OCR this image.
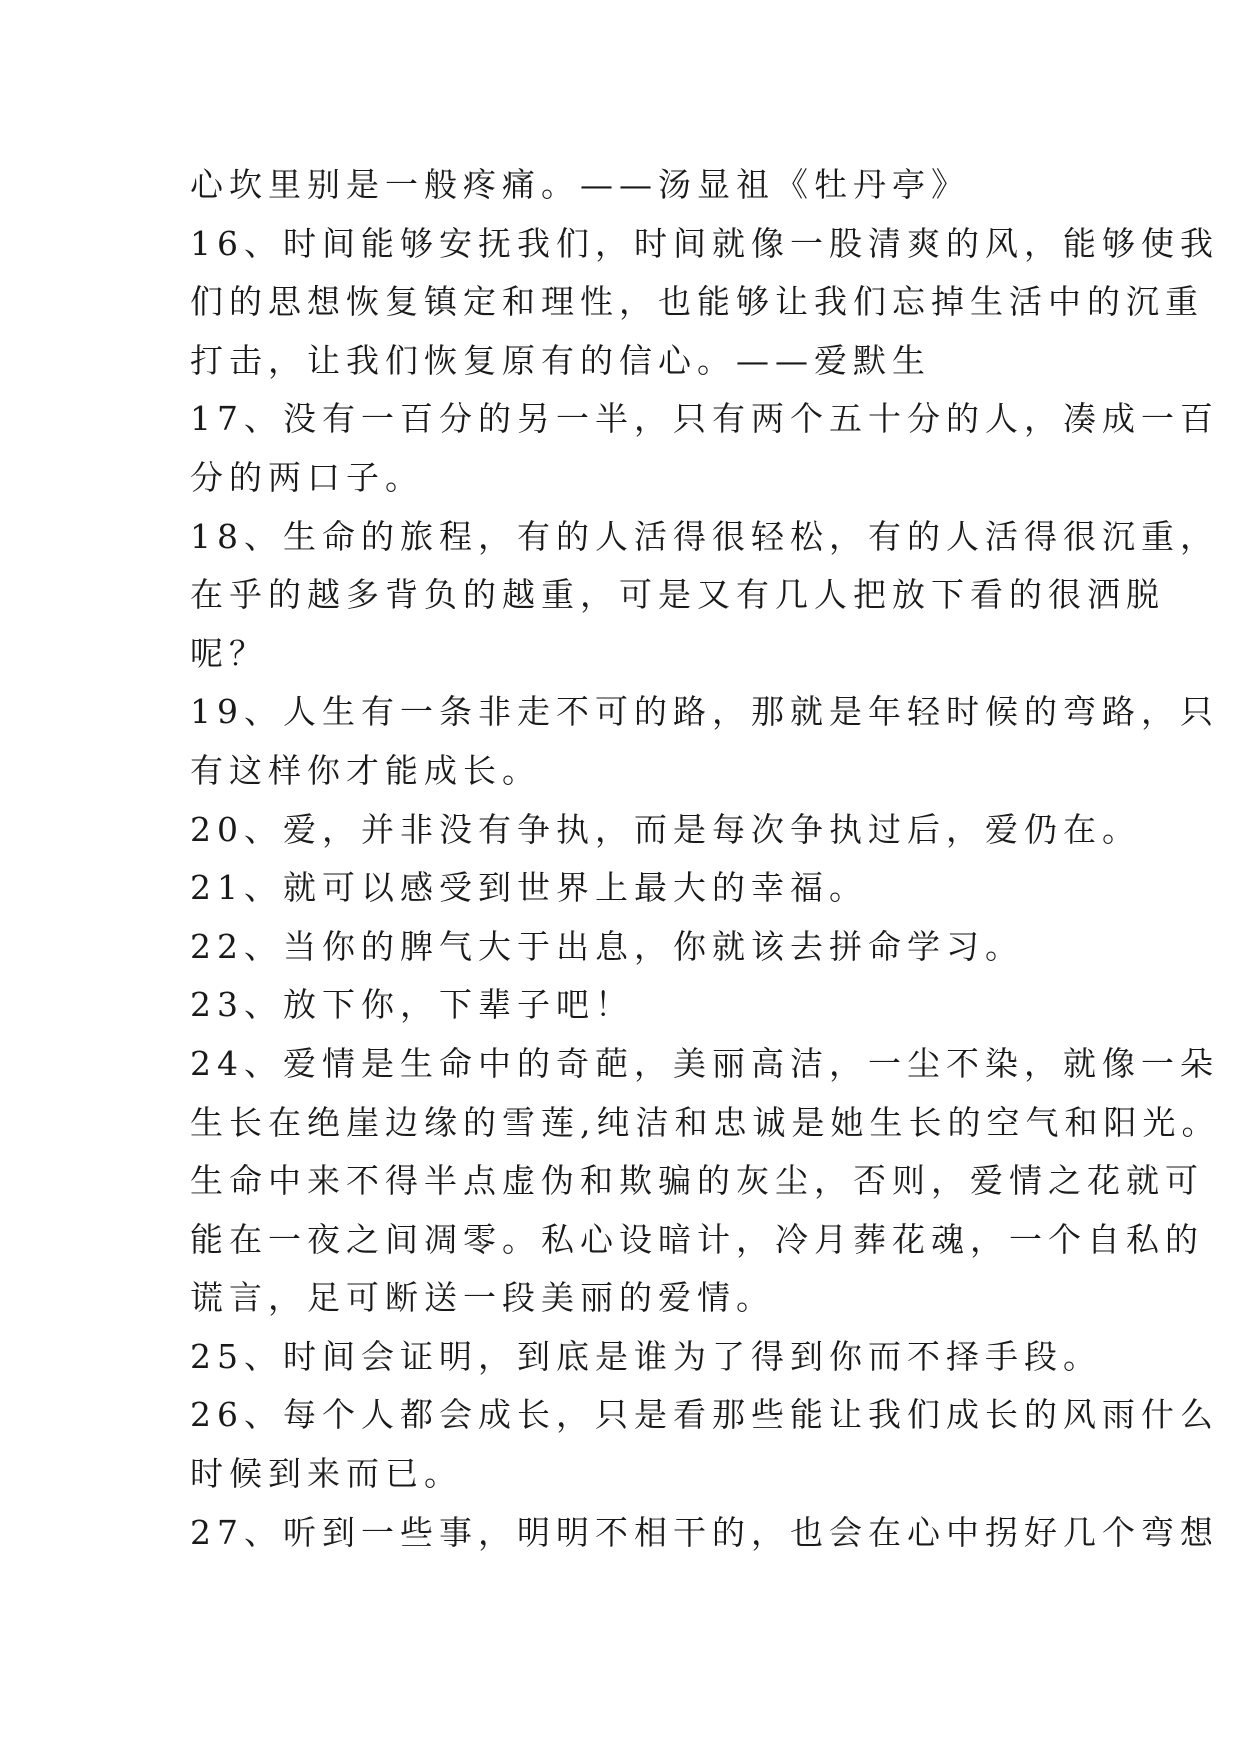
心坎里别是一般疼痛。——汤显祖《牡丹亭》
16、时间能够安抚我们，时间就像一股清爽的风，能够使我
们的思想恢复镇定和理性，也能够让我们忘掉生活中的沉重
打击，让我们恢复原有的信心。——爱默生
17、没有一百分的另一半，只有两个五十分的人，凑成一百
分的两口子。
18、生命的旅程，有的人活得很轻松，有的人活得很沉重，
在乎的越多背负的越重，可是又有几人把放下看的很洒脱
呢？
19、人生有一条非走不可的路，那就是年轻时候的弯路，只
有这样你才能成长。
20、爱，并非没有争执，而是每次争执过后，爱仍在。
21、就可以感受到世界上最大的幸福。
22、当你的脾气大于出息，你就该去拼命学习。
23、放下你，下辈子吧！
24、爱情是生命中的奇葩，美丽高洁，一尘不染，就像一朵
生长在绝崖边缘的雪莲,纯洁和忠诚是她生长的空气和阳光。
生命中来不得半点虚伪和欺骗的灰尘，否则，爱情之花就可
能在一夜之间凋零。私心设暗计，冷月葬花魂，一个自私的
谎言，足可断送一段美丽的爱情。
25、时间会证明，到底是谁为了得到你而不择手段。
26、每个人都会成长，只是看那些能让我们成长的风雨什么
时候到来而已。
27、听到一些事，明明不相干的，也会在心中拐好几个弯想
